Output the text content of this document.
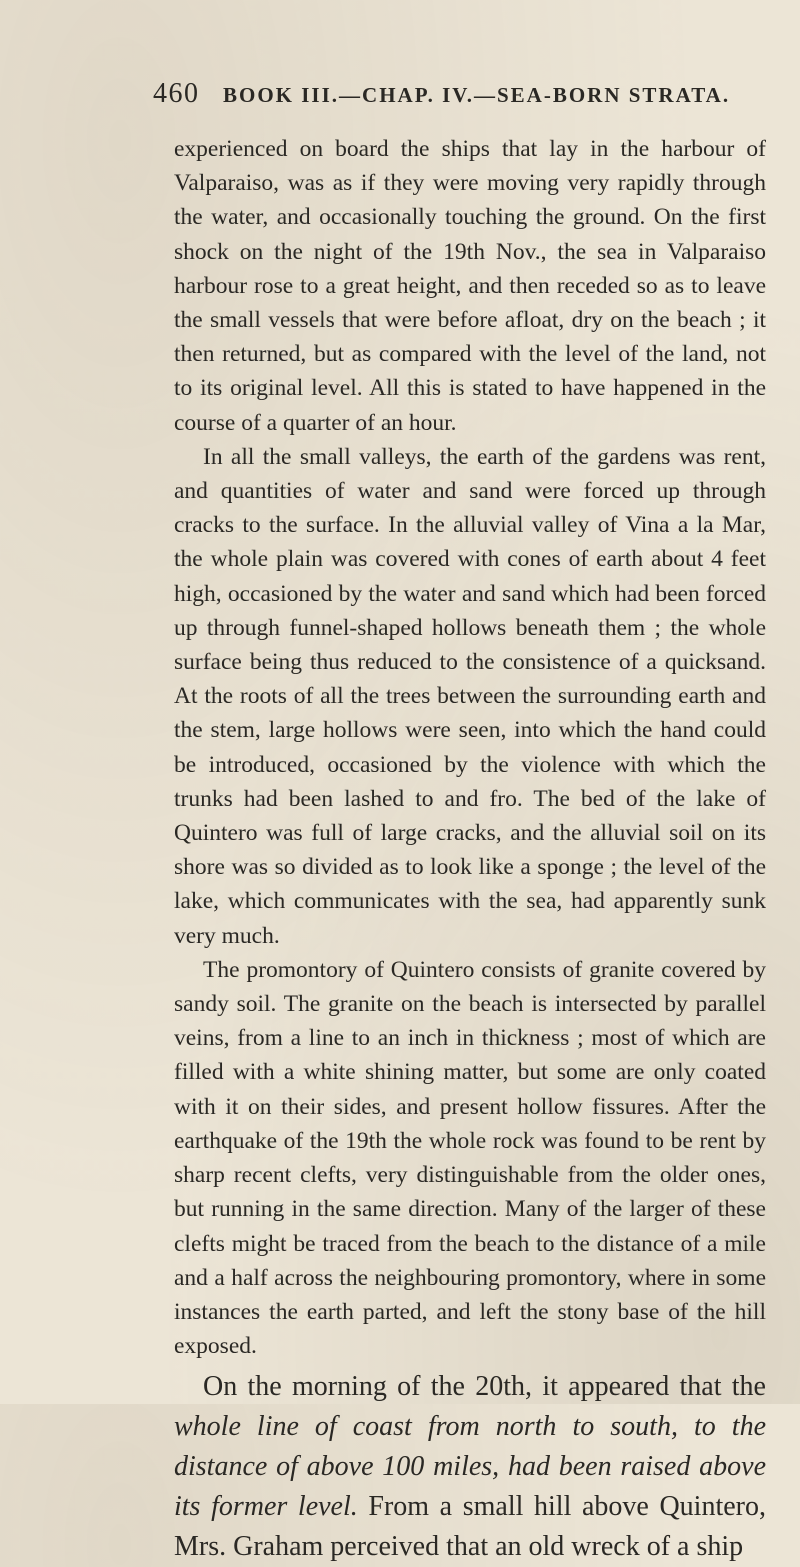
460 BOOK III.—CHAP. IV.—SEA-BORN STRATA.

experienced on board the ships that lay in the harbour of Valparaiso, was as if they were moving very rapidly through the water, and occasionally touching the ground. On the first shock on the night of the 19th Nov., the sea in Valparaiso harbour rose to a great height, and then receded so as to leave the small vessels that were before afloat, dry on the beach ; it then returned, but as compared with the level of the land, not to its original level. All this is stated to have happened in the course of a quarter of an hour.

In all the small valleys, the earth of the gardens was rent, and quantities of water and sand were forced up through cracks to the surface. In the alluvial valley of Vina a la Mar, the whole plain was covered with cones of earth about 4 feet high, occasioned by the water and sand which had been forced up through funnel-shaped hollows beneath them ; the whole surface being thus reduced to the consistence of a quicksand. At the roots of all the trees between the surrounding earth and the stem, large hollows were seen, into which the hand could be introduced, occasioned by the violence with which the trunks had been lashed to and fro. The bed of the lake of Quintero was full of large cracks, and the alluvial soil on its shore was so divided as to look like a sponge ; the level of the lake, which communicates with the sea, had apparently sunk very much.

The promontory of Quintero consists of granite covered by sandy soil. The granite on the beach is intersected by parallel veins, from a line to an inch in thickness ; most of which are filled with a white shining matter, but some are only coated with it on their sides, and present hollow fissures. After the earthquake of the 19th the whole rock was found to be rent by sharp recent clefts, very distinguishable from the older ones, but running in the same direction. Many of the larger of these clefts might be traced from the beach to the distance of a mile and a half across the neighbouring promontory, where in some instances the earth parted, and left the stony base of the hill exposed.

On the morning of the 20th, it appeared that the whole line of coast from north to south, to the distance of above 100 miles, had been raised above its former level. From a small hill above Quintero, Mrs. Graham perceived that an old wreck of a ship
